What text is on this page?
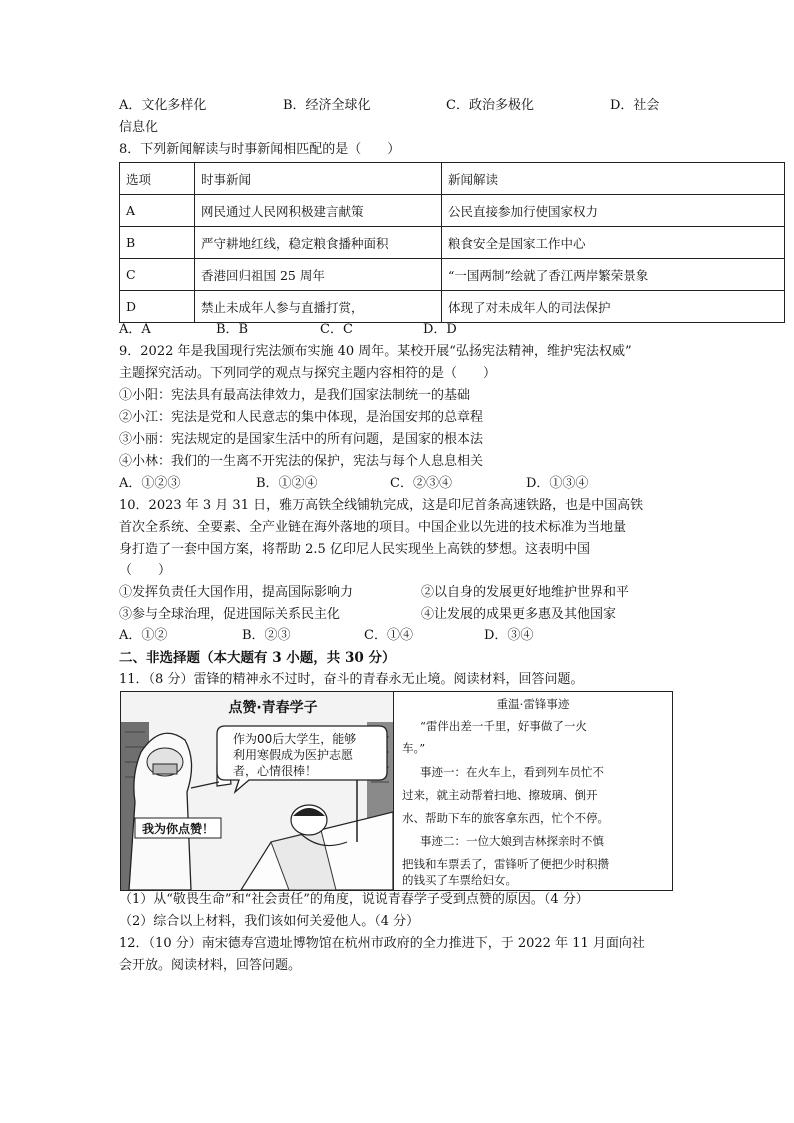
A．文化多样化	B．经济全球化	C．政治多极化	D．社会
信息化
8．下列新闻解读与时事新闻相匹配的是（　　）
选项	时事新闻	新闻解读
A	网民通过人民网积极建言献策	公民直接参加行使国家权力
B	严守耕地红线，稳定粮食播种面积	粮食安全是国家工作中心
C	香港回归祖国 25 周年	“一国两制”绘就了香江两岸繁荣景象
D	禁止未成年人参与直播打赏，	体现了对未成年人的司法保护
A．A	B．B	C．C	D．D
9．2022 年是我国现行宪法颁布实施 40 周年。某校开展“弘扬宪法精神，维护宪法权威”
主题探究活动。下列同学的观点与探究主题内容相符的是（　　）
①小阳：宪法具有最高法律效力，是我们国家法制统一的基础
②小江：宪法是党和人民意志的集中体现，是治国安邦的总章程
③小丽：宪法规定的是国家生活中的所有问题，是国家的根本法
④小林：我们的一生离不开宪法的保护，宪法与每个人息息相关
A．①②③	B．①②④	C．②③④	D．①③④
10．2023 年 3 月 31 日，雅万高铁全线铺轨完成，这是印尼首条高速铁路，也是中国高铁
首次全系统、全要素、全产业链在海外落地的项目。中国企业以先进的技术标准为当地量
身打造了一套中国方案，将帮助 2.5 亿印尼人民实现坐上高铁的梦想。这表明中国
（　　）
①发挥负责任大国作用，提高国际影响力	②以自身的发展更好地维护世界和平
③参与全球治理，促进国际关系民主化	④让发展的成果更多惠及其他国家
A．①②	B．②③	C．①④	D．③④
二、非选择题（本大题有 3 小题，共 30 分）
11．（8 分）雷锋的精神永不过时，奋斗的青春永无止境。阅读材料，回答问题。
点赞·青春学子
作为00后大学生，能够
利用寒假成为医护志愿
者，心情很棒！
我为你点赞！
重温·雷锋事迹
“雷伴出差一千里，好事做了一火
车。”
事迹一：在火车上，看到列车员忙不
过来，就主动帮着扫地、擦玻璃、倒开
水、帮助下车的旅客拿东西，忙个不停。
事迹二：一位大娘到吉林探亲时不慎
把钱和车票丢了，雷锋听了便把少时积攒
的钱买了车票给妇女。
（1）从“敬畏生命”和“社会责任”的角度，说说青春学子受到点赞的原因。（4 分）
（2）综合以上材料，我们该如何关爱他人。（4 分）
12．（10 分）南宋德寿宫遗址博物馆在杭州市政府的全力推进下，于 2022 年 11 月面向社
会开放。阅读材料，回答问题。
